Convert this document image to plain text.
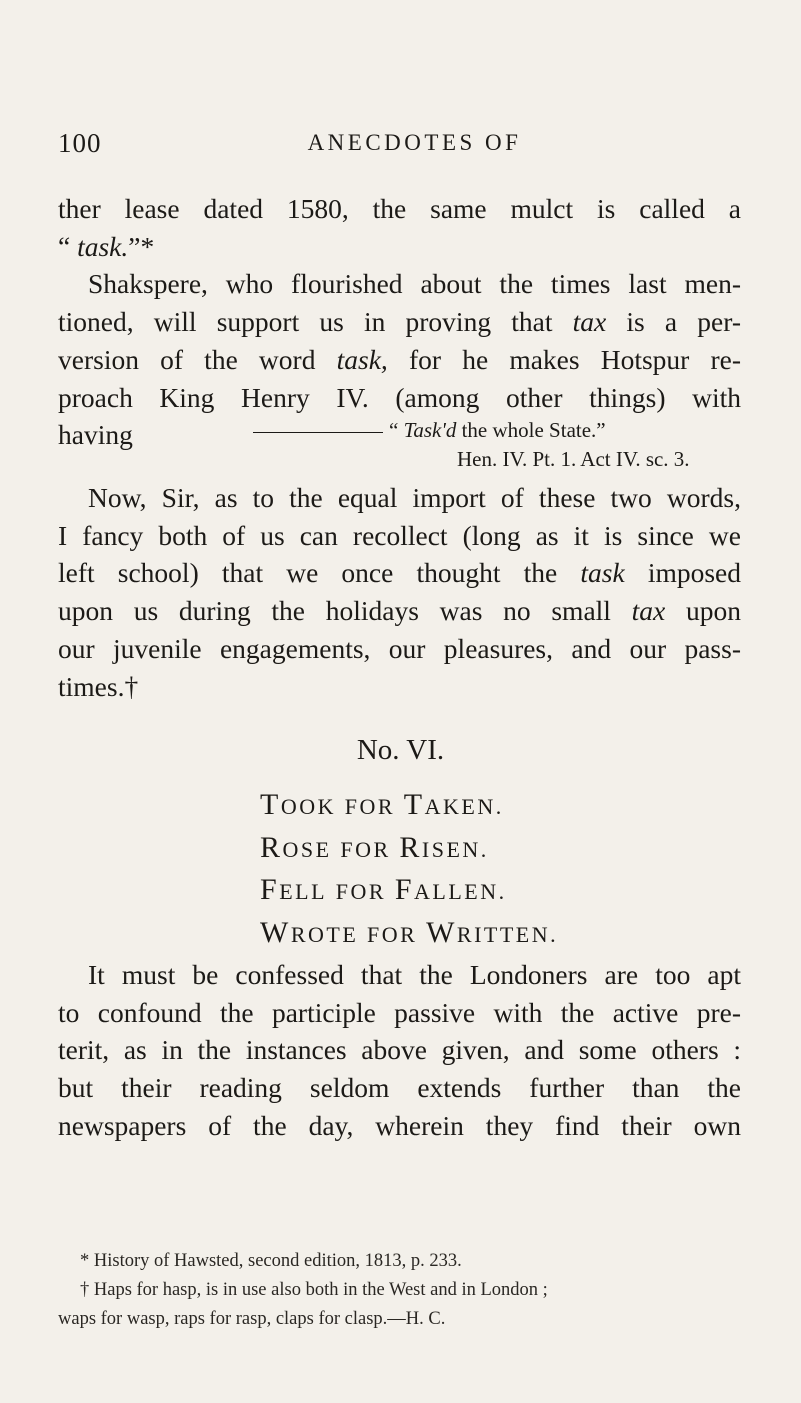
100	ANECDOTES OF
ther lease dated 1580, the same mulct is called a
“ task.”*
Shakspere, who flourished about the times last men-
tioned, will support us in proving that tax is a per-
version of the word task, for he makes Hotspur re-
proach King Henry IV. (among other things) with
having	“ Task'd the whole State.”
Hen. IV. Pt. 1. Act IV. sc. 3.
Now, Sir, as to the equal import of these two words,
I fancy both of us can recollect (long as it is since we
left school) that we once thought the task imposed
upon us during the holidays was no small tax upon
our juvenile engagements, our pleasures, and our pass-
times.†
No. VI.
TOOK FOR TAKEN.
ROSE FOR RISEN.
FELL FOR FALLEN.
WROTE FOR WRITTEN.
It must be confessed that the Londoners are too apt
to confound the participle passive with the active pre-
terit, as in the instances above given, and some others :
but their reading seldom extends further than the
newspapers of the day, wherein they find their own
* History of Hawsted, second edition, 1813, p. 233.
† Haps for hasp, is in use also both in the West and in London ;
waps for wasp, raps for rasp, claps for clasp.—H. C.
